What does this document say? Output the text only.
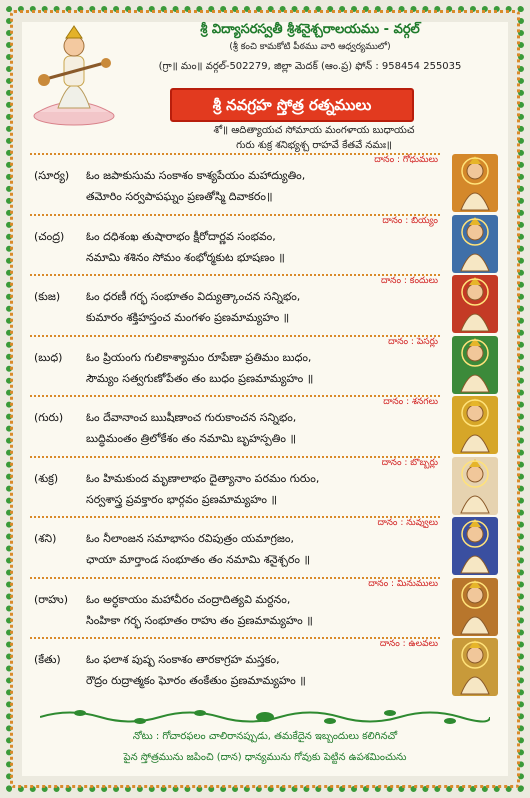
శ్రీ విద్యాసరస్వతీ శ్రీశనైశ్చరాలయము - వర్గల్
(శ్రీ కంచి కామకోటి పీఠము వారి ఆధ్వర్యములో)
(గ్రా॥ మం॥ వర్గల్-502279, జిల్లా మెదక్ (ఆం.ప్ర) ఫోన్ : 958454 255035
శ్రీ నవగ్రహ స్తోత్ర రత్నములు
శో॥ ఆదిత్యాయచ సోమాయ మంగళాయ బుధాయచ
గురు శుక్ర శనిభ్యశ్చ రాహవే కేతవే నమః॥
దానం : గోధుమలు
(సూర్య) ఓం జపాకుసుమ సంకాశం కాశ్యపేయం మహాద్యుతిం,
తమోరిం సర్వపాపఘ్నం ప్రణతోస్మి దివాకరం॥
దానం : బియ్యం
(చంద్ర) ఓం దధిశంఖ తుషారాభం క్షీరోదార్ణవ సంభవం,
నమామి శశినం సోమం శంభోర్మకుట భూషణం ॥
దానం : కందులు
(కుజ) ఓం ధరణీ గర్భ సంభూతం విద్యుత్కాంచన సన్నిభం,
కుమారం శక్తిహస్తంచ మంగళం ప్రణమామ్యహం ॥
దానం : పెసర్లు
(బుధ) ఓం ప్రియంగు గులికాశ్యామం రూపేణా ప్రతిమం బుధం,
సౌమ్యం సత్వగుణోపేతం తం బుధం ప్రణమామ్యహం ॥
దానం : శనగలు
(గురు) ఓం దేవానాంచ ఋషీణాంచ గురుకాంచన సన్నిభం,
బుద్ధిమంతం త్రిలోకేశం తం నమామి బృహస్పతిం ॥
దానం : బొబ్బర్లు
(శుక్ర)	ఓం హిమకుంద మృణాలాభం దైత్యానాం పరమం గురుం,
సర్వశాస్త్ర ప్రవక్తారం భార్గవం ప్రణమామ్యహం ॥
దానం : నువ్వులు
(శని)	ఓం నీలాంజన సమాభాసం రవిపుత్రం యమాగ్రజం,
ఛాయా మార్తాండ సంభూతం తం నమామి శనైశ్చరం ॥
దానం : మినుములు
(రాహు) ఓం అర్ధకాయం మహావీరం చంద్రాదిత్యవి మర్దనం,
సింహికా గర్భ సంభూతం రాహు తం ప్రణమామ్యహం ॥
దానం : ఉలవలు
(కేతు) ఓం ఫలాశ పుష్ప సంకాశం తారకాగ్రహ మస్తకం,
రౌద్రం రుద్రాత్మకం ఘోరం తంకేతుం ప్రణమామ్యహం ॥
నోటు : గోచారఫలం చాలిరానప్పుడు, తమకేదైన ఇబ్బందులు కలిగినచో
పైన స్తోత్రమును జపించి (దాన) ధాన్యమును గోవుకు పెట్టిన ఉపశమించును
